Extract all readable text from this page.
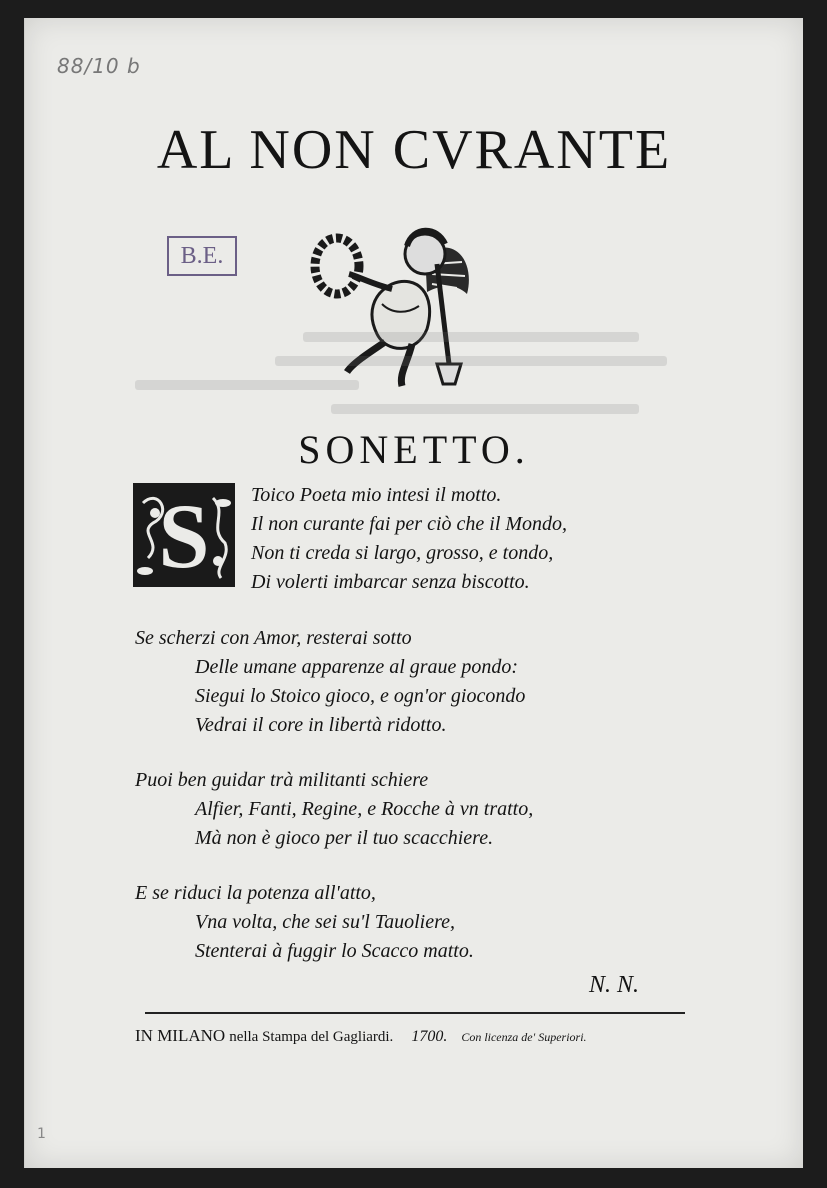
88/10 b
AL NON CVRANTE
B.E.
SONETTO.
S Toico Poeta mio intesi il motto.
Il non curante fai per ciò che il Mondo,
Non ti creda si largo, grosso, e tondo,
Di volerti imbarcar senza biscotto.
Se scherzi con Amor, resterai sotto
Delle umane apparenze al graue pondo:
Siegui lo Stoico gioco, e ogn'or giocondo
Vedrai il core in libertà ridotto.
Puoi ben guidar trà militanti schiere
Alfier, Fanti, Regine, e Rocche à vn tratto,
Mà non è gioco per il tuo scacchiere.
E se riduci la potenza all'atto,
Vna volta, che sei su'l Tauoliere,
Stenterai à fuggir lo Scacco matto.
N. N.
IN MILANO nella Stampa del Gagliardi. 1700. Con licenza de' Superiori.
1
